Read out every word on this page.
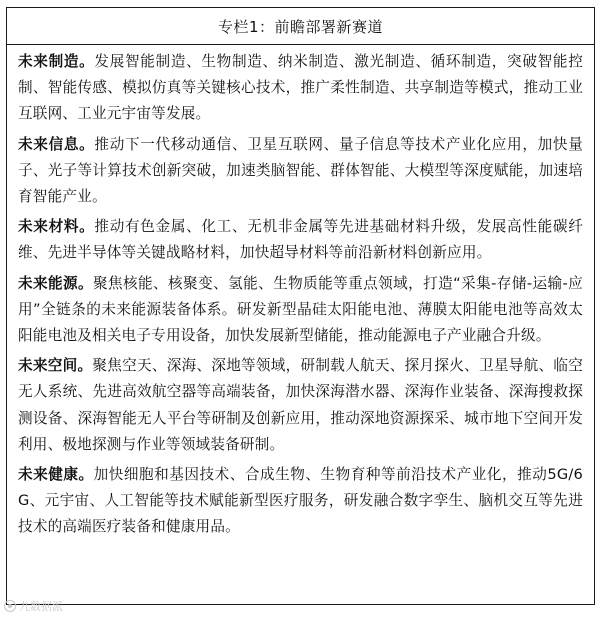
专栏1：前瞻部署新赛道

未来制造。发展智能制造、生物制造、纳米制造、激光制造、循环制造，突破智能控制、智能传感、模拟仿真等关键核心技术，推广柔性制造、共享制造等模式，推动工业互联网、工业元宇宙等发展。

未来信息。推动下一代移动通信、卫星互联网、量子信息等技术产业化应用，加快量子、光子等计算技术创新突破，加速类脑智能、群体智能、大模型等深度赋能，加速培育智能产业。

未来材料。推动有色金属、化工、无机非金属等先进基础材料升级，发展高性能碳纤维、先进半导体等关键战略材料，加快超导材料等前沿新材料创新应用。

未来能源。聚焦核能、核聚变、氢能、生物质能等重点领域，打造“采集-存储-运输-应用”全链条的未来能源装备体系。研发新型晶硅太阳能电池、薄膜太阳能电池等高效太阳能电池及相关电子专用设备，加快发展新型储能，推动能源电子产业融合升级。

未来空间。聚焦空天、深海、深地等领域，研制载人航天、探月探火、卫星导航、临空无人系统、先进高效航空器等高端装备，加快深海潜水器、深海作业装备、深海搜救探测设备、深海智能无人平台等研制及创新应用，推动深地资源探采、城市地下空间开发利用、极地探测与作业等领域装备研制。

未来健康。加快细胞和基因技术、合成生物、生物育种等前沿技术产业化，推动5G/6G、元宇宙、人工智能等技术赋能新型医疗服务，研发融合数字孪生、脑机交互等先进技术的高端医疗装备和健康用品。

九数据派
